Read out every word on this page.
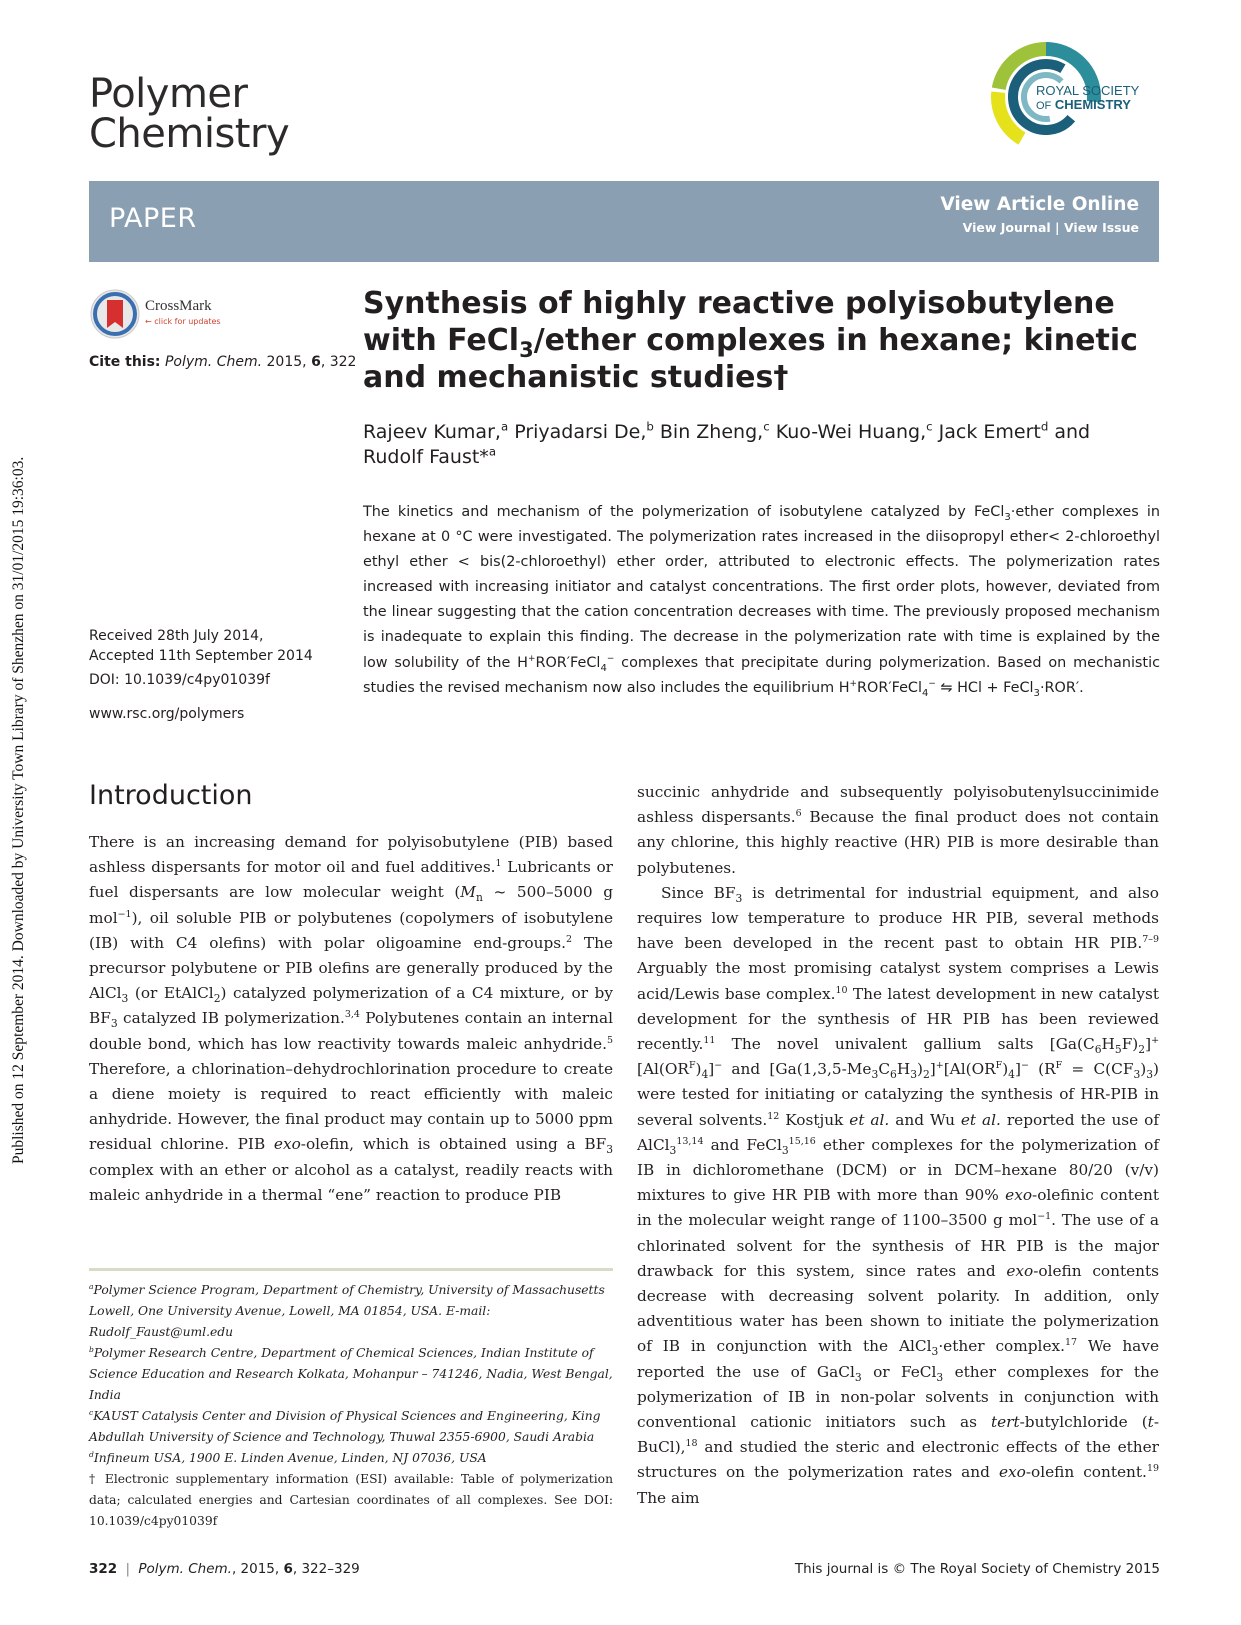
Published on 12 September 2014. Downloaded by University Town Library of Shenzhen on 31/01/2015 19:36:03.
Polymer
Chemistry
ROYAL SOCIETY
OF CHEMISTRY
PAPER	View Article Online
View Journal | View Issue
CrossMark
← click for updates
Cite this: Polym. Chem. 2015, 6, 322
Synthesis of highly reactive polyisobutylene with FeCl$_3$/ether complexes in hexane; kinetic and mechanistic studies†
Rajeev Kumar,$^a$ Priyadarsi De,$^b$ Bin Zheng,$^c$ Kuo-Wei Huang,$^c$ Jack Emert$^d$ and Rudolf Faust*$^a$
Received 28th July 2014,
Accepted 11th September 2014
DOI: 10.1039/c4py01039f
www.rsc.org/polymers
The kinetics and mechanism of the polymerization of isobutylene catalyzed by FeCl$_3$·ether complexes in hexane at 0 °C were investigated. The polymerization rates increased in the diisopropyl ether< 2-chloroethyl ethyl ether < bis(2-chloroethyl) ether order, attributed to electronic effects. The polymerization rates increased with increasing initiator and catalyst concentrations. The first order plots, however, deviated from the linear suggesting that the cation concentration decreases with time. The previously proposed mechanism is inadequate to explain this finding. The decrease in the polymerization rate with time is explained by the low solubility of the H+ROR′FeCl$_4$− complexes that precipitate during polymerization. Based on mechanistic studies the revised mechanism now also includes the equilibrium H+ROR′FeCl$_4$− ⇋ HCl + FeCl$_3$·ROR′.
Introduction

There is an increasing demand for polyisobutylene (PIB) based ashless dispersants for motor oil and fuel additives.$^1$ Lubricants or fuel dispersants are low molecular weight ($M_n$ ~ 500–5000 g mol$^{-1}$), oil soluble PIB or polybutenes (copolymers of isobutylene (IB) with C4 olefins) with polar oligoamine end-groups.$^2$ The precursor polybutene or PIB olefins are generally produced by the AlCl$_3$ (or EtAlCl$_2$) catalyzed polymerization of a C4 mixture, or by $BF_3$ catalyzed IB polymerization.$^{3,4}$ Polybutenes contain an internal double bond, which has low reactivity towards maleic anhydride.$^5$ Therefore, a chlorination–dehydrochlorination procedure to create a diene moiety is required to react efficiently with maleic anhydride. However, the final product may contain up to 5000 ppm residual chlorine. PIB exo-olefin, which is obtained using a $BF_3$ complex with an ether or alcohol as a catalyst, readily reacts with maleic anhydride in a thermal “ene” reaction to produce PIB

$^a$Polymer Science Program, Department of Chemistry, University of Massachusetts Lowell, One University Avenue, Lowell, MA 01854, USA. E-mail: Rudolf_Faust@uml.edu
$^b$Polymer Research Centre, Department of Chemical Sciences, Indian Institute of Science Education and Research Kolkata, Mohanpur – 741246, Nadia, West Bengal, India
$^c$KAUST Catalysis Center and Division of Physical Sciences and Engineering, King Abdullah University of Science and Technology, Thuwal 2355-6900, Saudi Arabia
$^d$Infineum USA, 1900 E. Linden Avenue, Linden, NJ 07036, USA
† Electronic supplementary information (ESI) available: Table of polymerization data; calculated energies and Cartesian coordinates of all complexes. See DOI: 10.1039/c4py01039f

succinic anhydride and subsequently polyisobutenylsuccinimide ashless dispersants.$^6$ Because the final product does not contain any chlorine, this highly reactive (HR) PIB is more desirable than polybutenes.

Since $BF_3$ is detrimental for industrial equipment, and also requires low temperature to produce HR PIB, several methods have been developed in the recent past to obtain HR PIB.$^{7-9}$ Arguably the most promising catalyst system comprises a Lewis acid/Lewis base complex.$^{10}$ The latest development in new catalyst development for the synthesis of HR PIB has been reviewed recently.$^{11}$ The novel univalent gallium salts $[Ga(C_6H_5F)_2]^+[Al(OR^F)_4]^-$ and $[Ga(1,3,5-Me_3C_6H_3)_2]^+[Al(OR^F)_4]^-$ $(R^F = C(CF_3)_3)$ were tested for initiating or catalyzing the synthesis of HR-PIB in several solvents.$^{12}$ Kostjuk et al. and Wu et al. reported the use of AlCl$_3^{13,14}$ and FeCl$_3^{15,16}$ ether complexes for the polymerization of IB in dichloromethane (DCM) or in DCM–hexane 80/20 (v/v) mixtures to give HR PIB with more than 90% exo-olefinic content in the molecular weight range of 1100–3500 g mol$^{-1}$. The use of a chlorinated solvent for the synthesis of HR PIB is the major drawback for this system, since rates and exo-olefin contents decrease with decreasing solvent polarity. In addition, only adventitious water has been shown to initiate the polymerization of IB in conjunction with the AlCl$_3$·ether complex.$^{17}$ We have reported the use of GaCl$_3$ or FeCl$_3$ ether complexes for the polymerization of IB in non-polar solvents in conjunction with conventional cationic initiators such as tert-butylchloride (t-BuCl),$^{18}$ and studied the steric and electronic effects of the ether structures on the polymerization rates and exo-olefin content.$^{19}$ The aim

322 | Polym. Chem., 2015, 6, 322–329	This journal is © The Royal Society of Chemistry 2015
